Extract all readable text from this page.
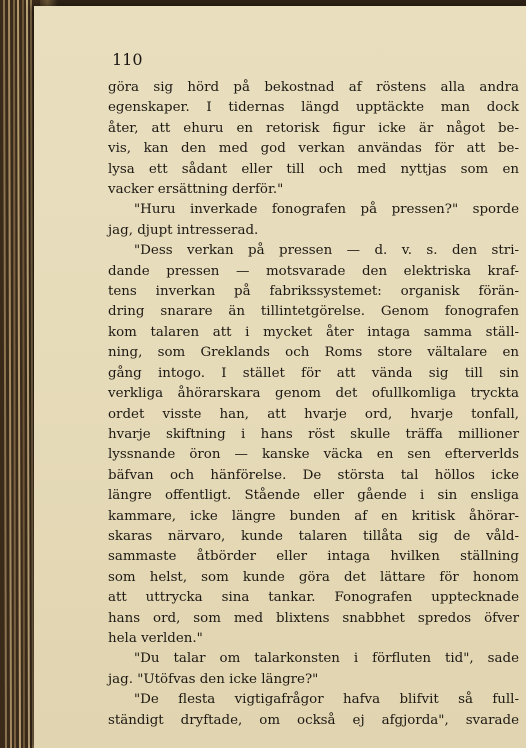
110

göra sig hörd på bekostnad af röstens alla andra
egenskaper. I tidernas längd upptäckte man dock
åter, att ehuru en retorisk figur icke är något be-
vis, kan den med god verkan användas för att be-
lysa ett sådant eller till och med nyttjas som en
vacker ersättning derför."
"Huru inverkade fonografen på pressen?" sporde
jag, djupt intresserad.
"Dess verkan på pressen — d. v. s. den stri-
dande pressen — motsvarade den elektriska kraf-
tens inverkan på fabrikssystemet: organisk förän-
dring snarare än tillintetgörelse. Genom fonografen
kom talaren att i mycket åter intaga samma ställ-
ning, som Greklands och Roms store vältalare en
gång intogo. I stället för att vända sig till sin
verkliga åhörarskara genom det ofullkomliga tryckta
ordet visste han, att hvarje ord, hvarje tonfall,
hvarje skiftning i hans röst skulle träffa millioner
lyssnande öron — kanske väcka en sen efterverlds
bäfvan och hänförelse. De största tal höllos icke
längre offentligt. Stående eller gående i sin ensliga
kammare, icke längre bunden af en kritisk åhörar-
skaras närvaro, kunde talaren tillåta sig de våld-
sammaste åtbörder eller intaga hvilken ställning
som helst, som kunde göra det lättare för honom
att uttrycka sina tankar. Fonografen upptecknade
hans ord, som med blixtens snabbhet spredos öfver
hela verlden."
"Du talar om talarkonsten i förfluten tid", sade
jag. "Utöfvas den icke längre?"
"De flesta vigtigafrågor hafva blifvit så full-
ständigt dryftade, om också ej afgjorda", svarade
